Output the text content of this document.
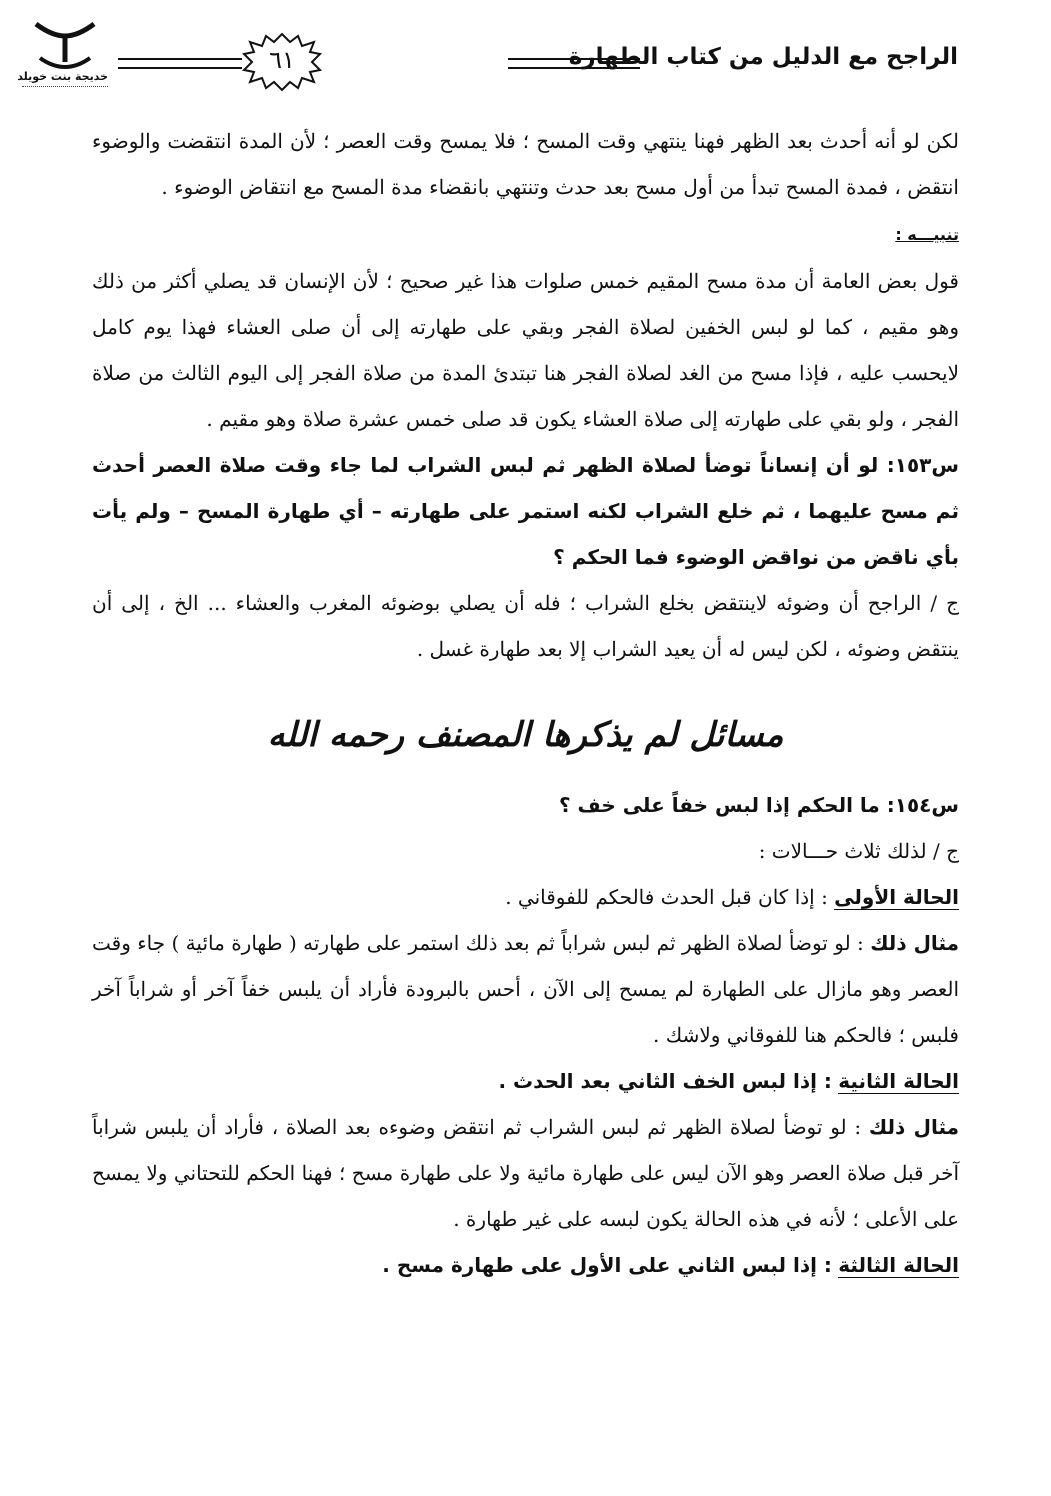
الراجح مع الدليل من كتاب الطهارة
٦١
خديجة بنت خويلد

لكن لو أنه أحدث بعد الظهر فهنا ينتهي وقت المسح ؛ فلا يمسح وقت العصر ؛ لأن المدة انتقضت والوضوء انتقض ، فمدة المسح تبدأ من أول مسح بعد حدث وتنتهي بانقضاء مدة المسح مع انتقاض الوضوء .

تنبيـــه :

قول بعض العامة أن مدة مسح المقيم خمس صلوات هذا غير صحيح ؛ لأن الإنسان قد يصلي أكثر من ذلك وهو مقيم ، كما لو لبس الخفين لصلاة الفجر وبقي على طهارته إلى أن صلى العشاء فهذا يوم كامل لايحسب عليه ، فإذا مسح من الغد لصلاة الفجر هنا تبتدئ المدة من صلاة الفجر إلى اليوم الثالث من صلاة الفجر ، ولو بقي على طهارته إلى صلاة العشاء يكون قد صلى خمس عشرة صلاة وهو مقيم .

س١٥٣: لو أن إنساناً توضأ لصلاة الظهر ثم لبس الشراب لما جاء وقت صلاة العصر أحدث ثم مسح عليهما ، ثم خلع الشراب لكنه استمر على طهارته – أي طهارة المسح – ولم يأت بأي ناقض من نواقض الوضوء فما الحكم ؟

ج / الراجح أن وضوئه لاينتقض بخلع الشراب ؛ فله أن يصلي بوضوئه المغرب والعشاء ... الخ ، إلى أن ينتقض وضوئه ، لكن ليس له أن يعيد الشراب إلا بعد طهارة غسل .

مسائل لم يذكرها المصنف رحمه الله

س١٥٤: ما الحكم إذا لبس خفاً على خف ؟

ج / لذلك ثلاث حـــالات :

الحالة الأولى : إذا كان قبل الحدث فالحكم للفوقاني .

مثال ذلك : لو توضأ لصلاة الظهر ثم لبس شراباً ثم بعد ذلك استمر على طهارته ( طهارة مائية ) جاء وقت العصر وهو مازال على الطهارة لم يمسح إلى الآن ، أحس بالبرودة فأراد أن يلبس خفاً آخر أو شراباً آخر فلبس ؛ فالحكم هنا للفوقاني ولاشك .

الحالة الثانية : إذا لبس الخف الثاني بعد الحدث .

مثال ذلك : لو توضأ لصلاة الظهر ثم لبس الشراب ثم انتقض وضوءه بعد الصلاة ، فأراد أن يلبس شراباً آخر قبل صلاة العصر وهو الآن ليس على طهارة مائية ولا على طهارة مسح ؛ فهنا الحكم للتحتاني ولا يمسح على الأعلى ؛ لأنه في هذه الحالة يكون لبسه على غير طهارة .

الحالة الثالثة : إذا لبس الثاني على الأول على طهارة مسح .
